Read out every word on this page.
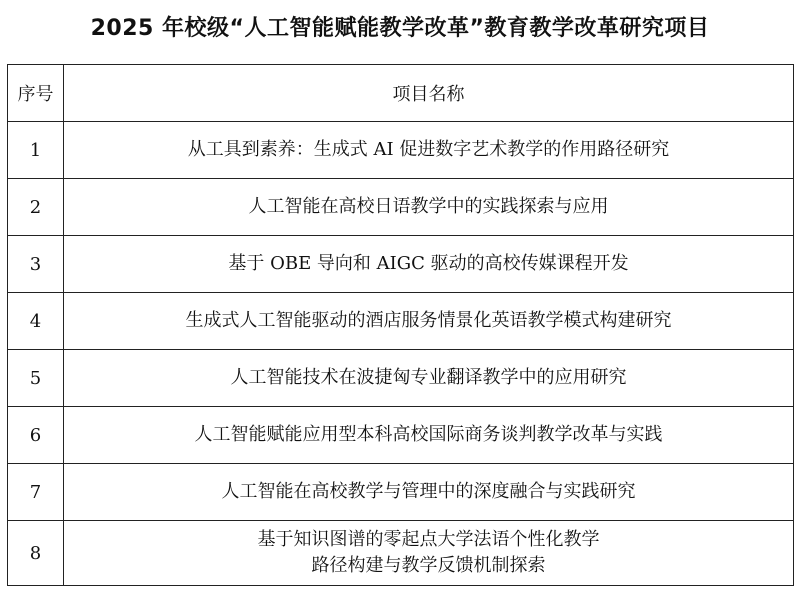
2025 年校级“人工智能赋能教学改革”教育教学改革研究项目
序号	项目名称
1	从工具到素养：生成式 AI 促进数字艺术教学的作用路径研究

2	人工智能在高校日语教学中的实践探索与应用

3	基于 OBE 导向和 AIGC 驱动的高校传媒课程开发

4	生成式人工智能驱动的酒店服务情景化英语教学模式构建研究

5	人工智能技术在波捷匈专业翻译教学中的应用研究

6	人工智能赋能应用型本科高校国际商务谈判教学改革与实践

7	人工智能在高校教学与管理中的深度融合与实践研究

8	基于知识图谱的零起点大学法语个性化教学
路径构建与教学反馈机制探索
